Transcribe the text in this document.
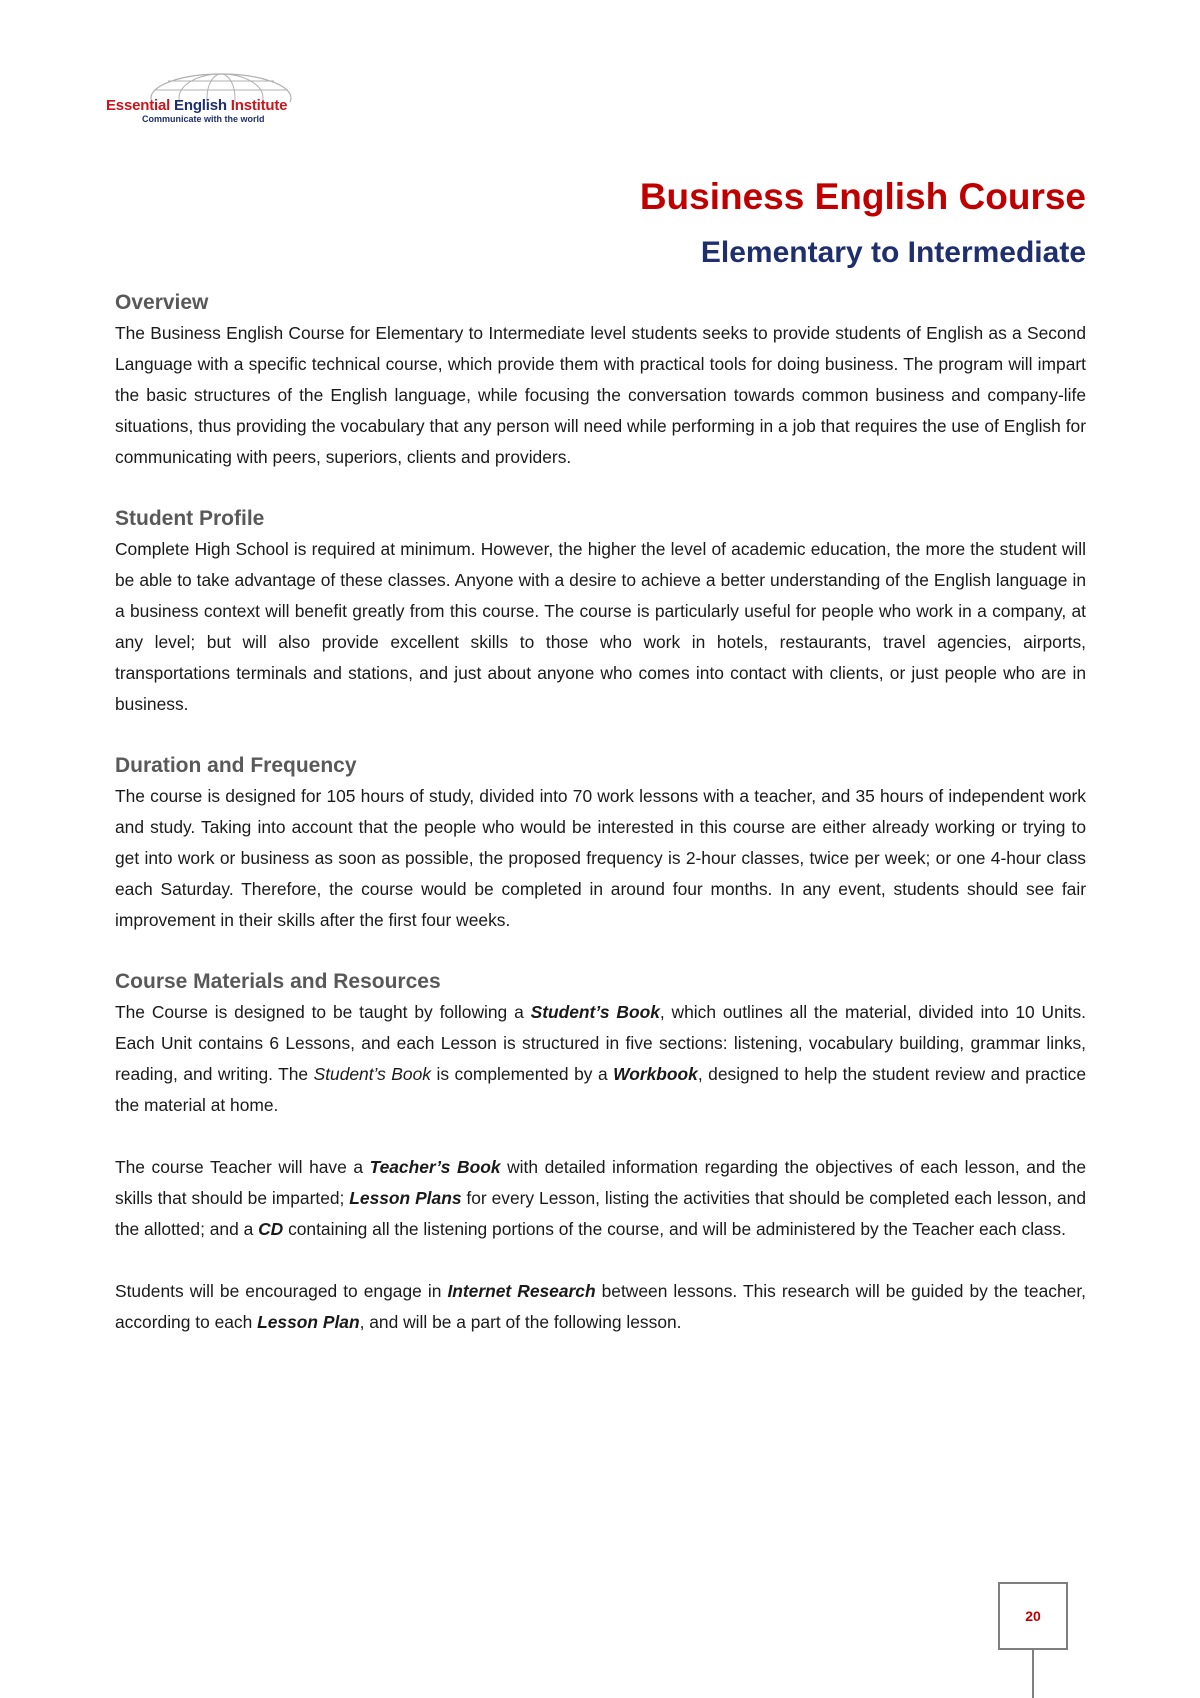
Essential English Institute
Communicate with the world
Business English Course
Elementary to Intermediate
Overview

The Business English Course for Elementary to Intermediate level students seeks to provide students of English as a Second Language with a specific technical course, which provide them with practical tools for doing business. The program will impart the basic structures of the English language, while focusing the conversation towards common business and company-life situations, thus providing the vocabulary that any person will need while performing in a job that requires the use of English for communicating with peers, superiors, clients and providers.

Student Profile

Complete High School is required at minimum. However, the higher the level of academic education, the more the student will be able to take advantage of these classes. Anyone with a desire to achieve a better understanding of the English language in a business context will benefit greatly from this course. The course is particularly useful for people who work in a company, at any level; but will also provide excellent skills to those who work in hotels, restaurants, travel agencies, airports, transportations terminals and stations, and just about anyone who comes into contact with clients, or just people who are in business.

Duration and Frequency

The course is designed for 105 hours of study, divided into 70 work lessons with a teacher, and 35 hours of independent work and study. Taking into account that the people who would be interested in this course are either already working or trying to get into work or business as soon as possible, the proposed frequency is 2-hour classes, twice per week; or one 4-hour class each Saturday. Therefore, the course would be completed in around four months. In any event, students should see fair improvement in their skills after the first four weeks.

Course Materials and Resources

The Course is designed to be taught by following a Student’s Book, which outlines all the material, divided into 10 Units. Each Unit contains 6 Lessons, and each Lesson is structured in five sections: listening, vocabulary building, grammar links, reading, and writing. The Student’s Book is complemented by a Workbook, designed to help the student review and practice the material at home.

The course Teacher will have a Teacher’s Book with detailed information regarding the objectives of each lesson, and the skills that should be imparted; Lesson Plans for every Lesson, listing the activities that should be completed each lesson, and the allotted; and a CD containing all the listening portions of the course, and will be administered by the Teacher each class.

Students will be encouraged to engage in Internet Research between lessons. This research will be guided by the teacher, according to each Lesson Plan, and will be a part of the following lesson.

20
